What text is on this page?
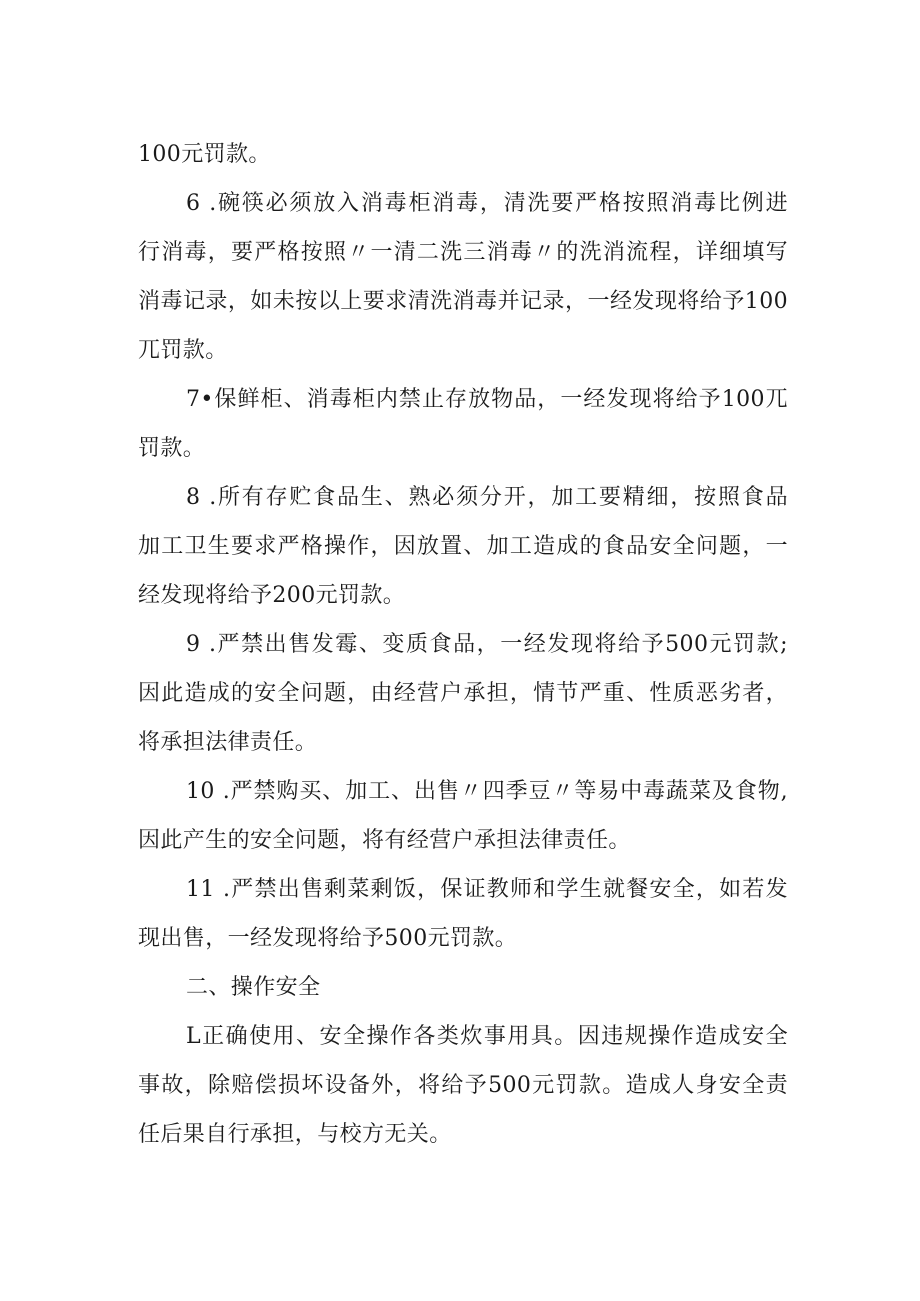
100元罚款。
6 .碗筷必须放入消毒柜消毒，清洗要严格按照消毒比例进
行消毒，要严格按照〃一清二洗三消毒〃的洗消流程，详细填写
消毒记录，如未按以上要求清洗消毒并记录，一经发现将给予100
兀罚款。
7•保鲜柜、消毒柜内禁止存放物品，一经发现将给予100兀
罚款。
8 .所有存贮食品生、熟必须分开，加工要精细，按照食品
加工卫生要求严格操作，因放置、加工造成的食品安全问题，一
经发现将给予200元罚款。
9 .严禁出售发霉、变质食品，一经发现将给予500元罚款;
因此造成的安全问题，由经营户承担，情节严重、性质恶劣者，
将承担法律责任。
10 .严禁购买、加工、出售〃四季豆〃等易中毒蔬菜及食物,
因此产生的安全问题，将有经营户承担法律责任。
11 .严禁出售剩菜剩饭，保证教师和学生就餐安全，如若发
现出售，一经发现将给予500元罚款。
二、操作安全
L正确使用、安全操作各类炊事用具。因违规操作造成安全
事故，除赔偿损坏设备外，将给予500元罚款。造成人身安全责
任后果自行承担，与校方无关。
